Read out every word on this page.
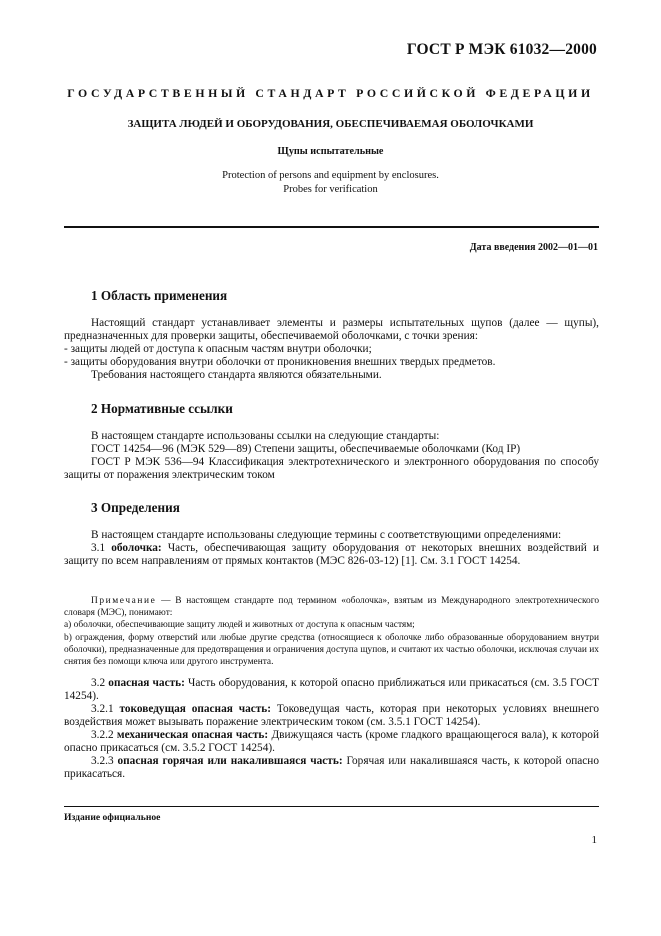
ГОСТ Р МЭК 61032—2000
ГОСУДАРСТВЕННЫЙ СТАНДАРТ РОССИЙСКОЙ ФЕДЕРАЦИИ
ЗАЩИТА ЛЮДЕЙ И ОБОРУДОВАНИЯ, ОБЕСПЕЧИВАЕМАЯ ОБОЛОЧКАМИ
Щупы испытательные
Protection of persons and equipment by enclosures.
Probes for verification
Дата введения 2002—01—01
1 Область применения

Настоящий стандарт устанавливает элементы и размеры испытательных щупов (далее — щупы), предназначенных для проверки защиты, обеспечиваемой оболочками, с точки зрения:

- защиты людей от доступа к опасным частям внутри оболочки;

- защиты оборудования внутри оболочки от проникновения внешних твердых предметов.

Требования настоящего стандарта являются обязательными.

2 Нормативные ссылки

В настоящем стандарте использованы ссылки на следующие стандарты:

ГОСТ 14254—96 (МЭК 529—89) Степени защиты, обеспечиваемые оболочками (Код IP)

ГОСТ Р МЭК 536—94 Классификация электротехнического и электронного оборудования по способу защиты от поражения электрическим током

3 Определения

В настоящем стандарте использованы следующие термины с соответствующими определениями:

3.1 оболочка: Часть, обеспечивающая защиту оборудования от некоторых внешних воздействий и защиту по всем направлениям от прямых контактов (МЭС 826-03-12) [1]. См. 3.1 ГОСТ 14254.

Примечание — В настоящем стандарте под термином «оболочка», взятым из Международного электротехнического словаря (МЭС), понимают:

а) оболочки, обеспечивающие защиту людей и животных от доступа к опасным частям;

b) ограждения, форму отверстий или любые другие средства (относящиеся к оболочке либо образованные оборудованием внутри оболочки), предназначенные для предотвращения и ограничения доступа щупов, и считают их частью оболочки, исключая случаи их снятия без помощи ключа или другого инструмента.

3.2 опасная часть: Часть оборудования, к которой опасно приближаться или прикасаться (см. 3.5 ГОСТ 14254).

3.2.1 токоведущая опасная часть: Токоведущая часть, которая при некоторых условиях внешнего воздействия может вызывать поражение электрическим током (см. 3.5.1 ГОСТ 14254).

3.2.2 механическая опасная часть: Движущаяся часть (кроме гладкого вращающегося вала), к которой опасно прикасаться (см. 3.5.2 ГОСТ 14254).

3.2.3 опасная горячая или накалившаяся часть: Горячая или накалившаяся часть, к которой опасно прикасаться.

Издание официальное
1
